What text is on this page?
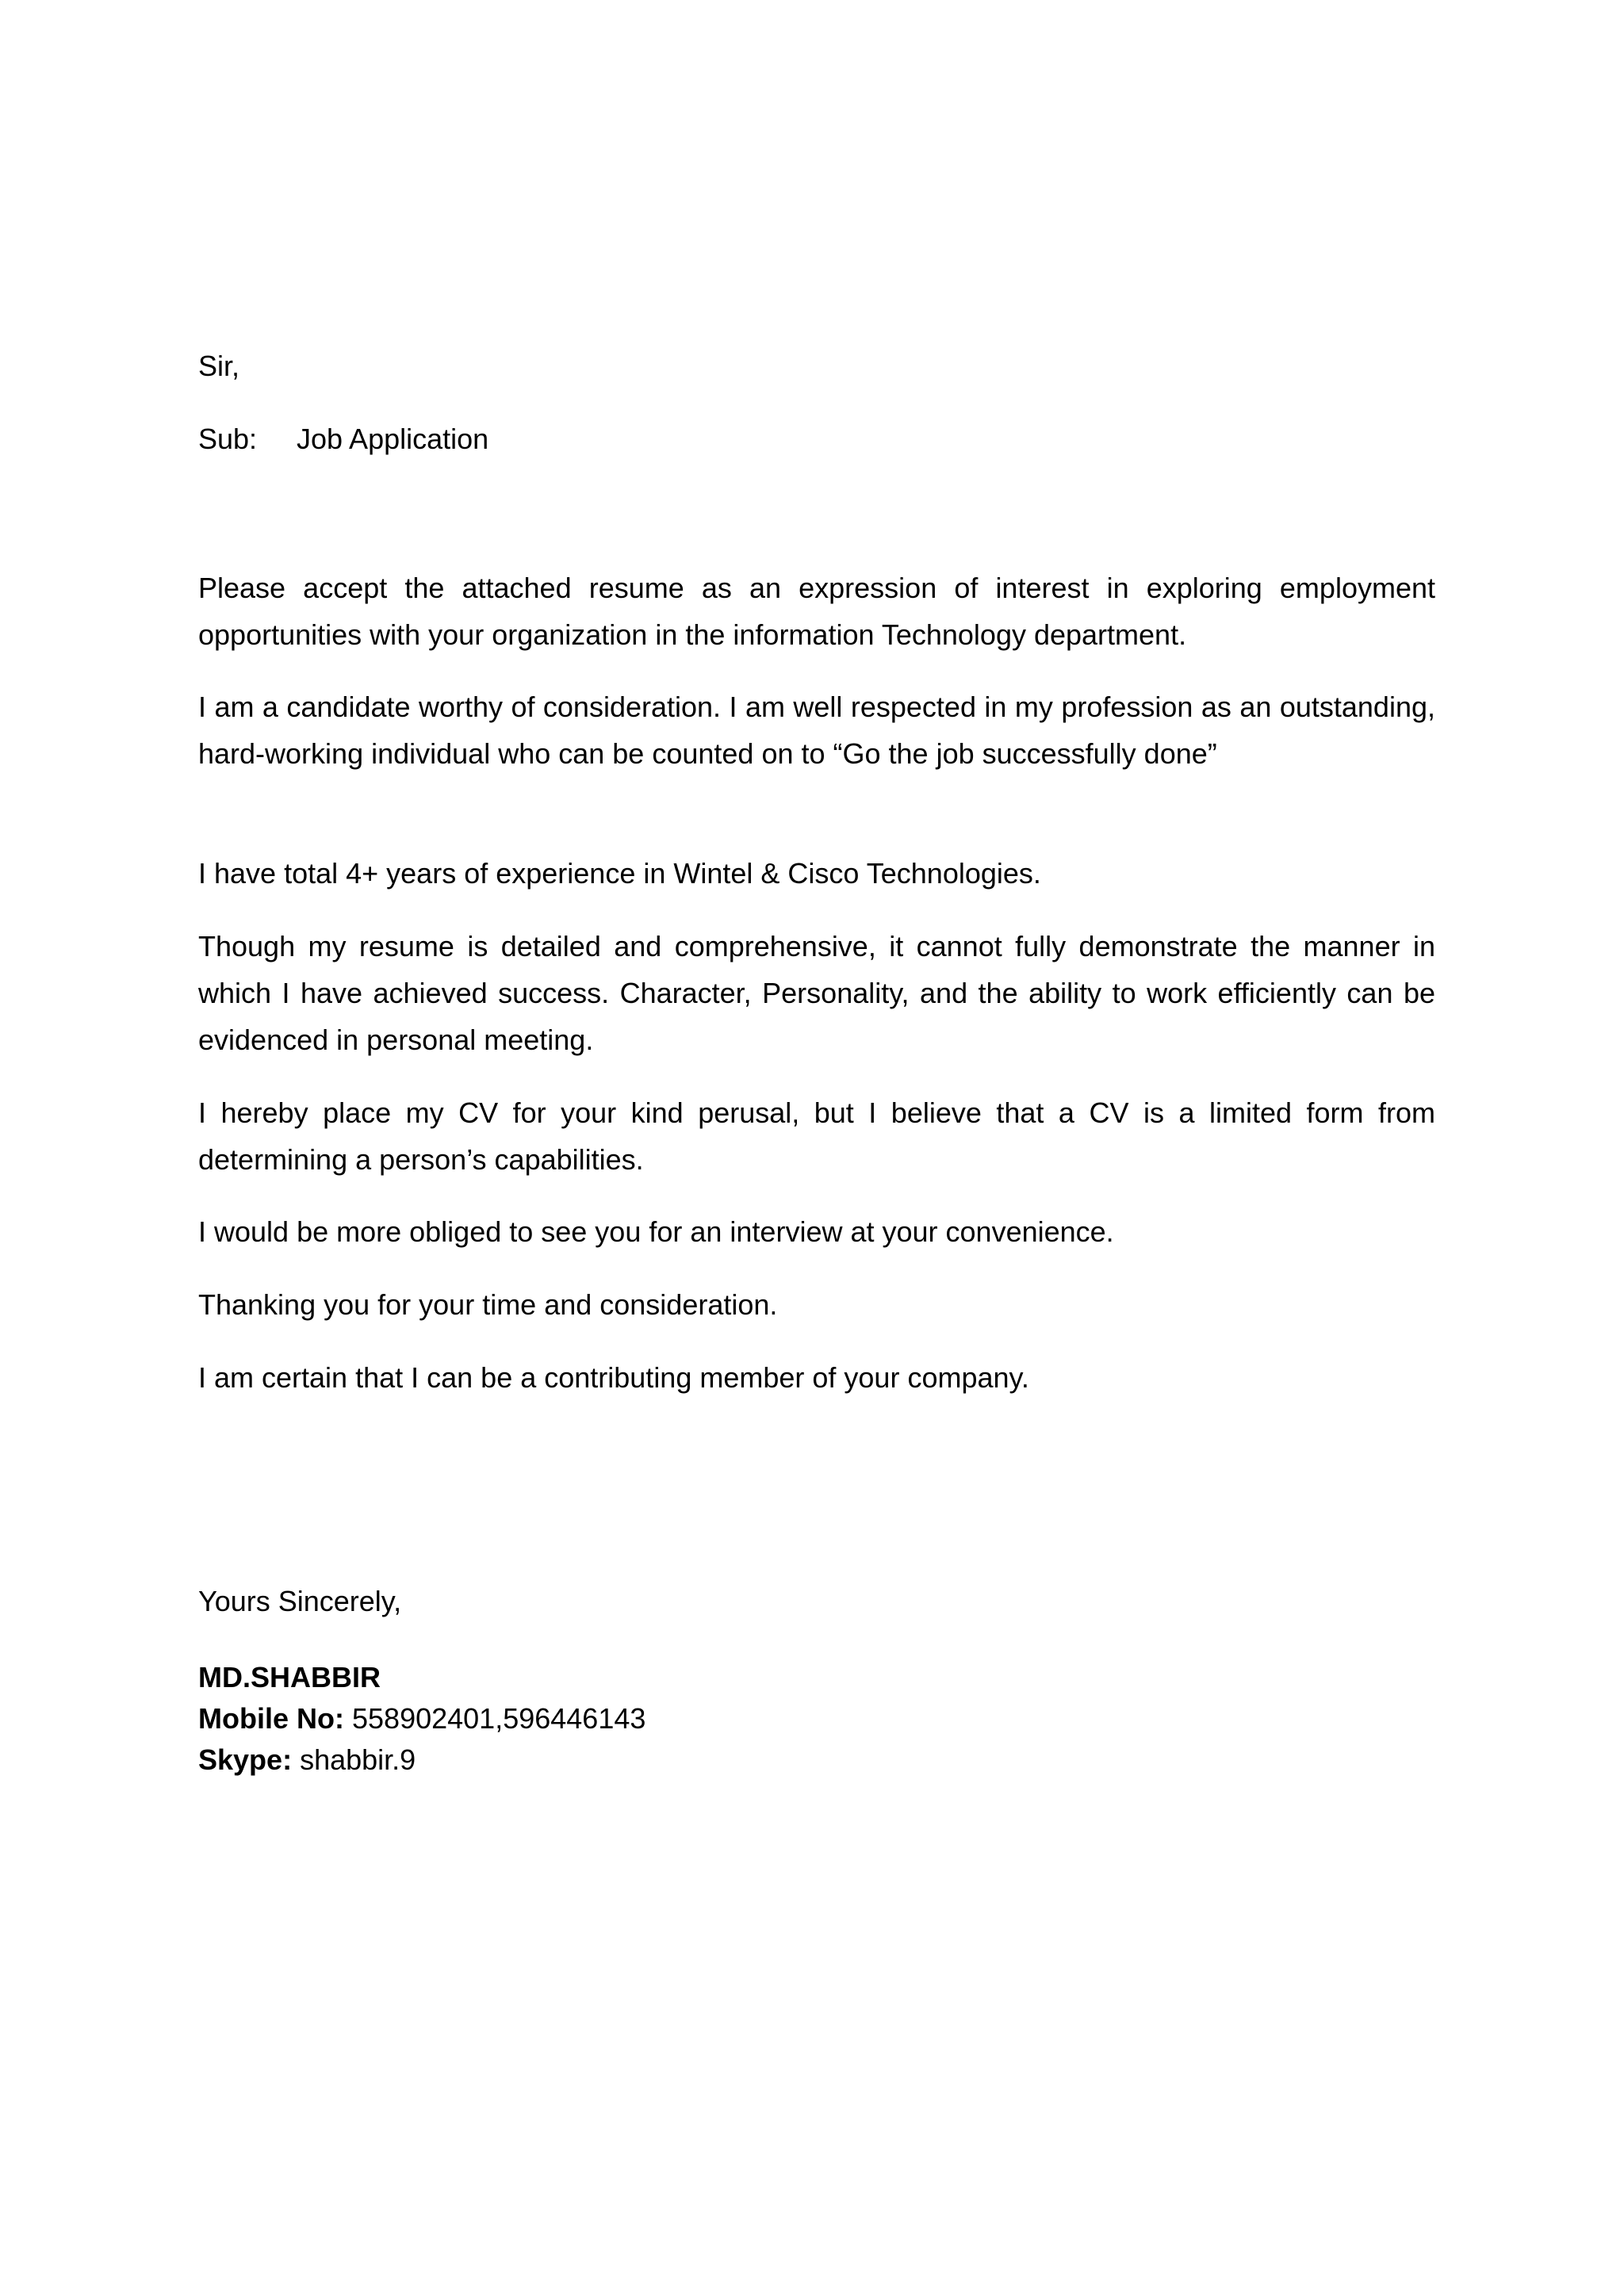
Sir,

Sub: Job Application

Please accept the attached resume as an expression of interest in exploring employment opportunities with your organization in the information Technology department.

I am a candidate worthy of consideration. I am well respected in my profession as an outstanding, hard-working individual who can be counted on to “Go the job successfully done”

I have total 4+ years of experience in Wintel & Cisco Technologies.

Though my resume is detailed and comprehensive, it cannot fully demonstrate the manner in which I have achieved success. Character, Personality, and the ability to work efficiently can be evidenced in personal meeting.

I hereby place my CV for your kind perusal, but I believe that a CV is a limited form from determining a person’s capabilities.

I would be more obliged to see you for an interview at your convenience.

Thanking you for your time and consideration.

I am certain that I can be a contributing member of your company.

Yours Sincerely,

MD.SHABBIR
Mobile No: 558902401,596446143
Skype: shabbir.9
